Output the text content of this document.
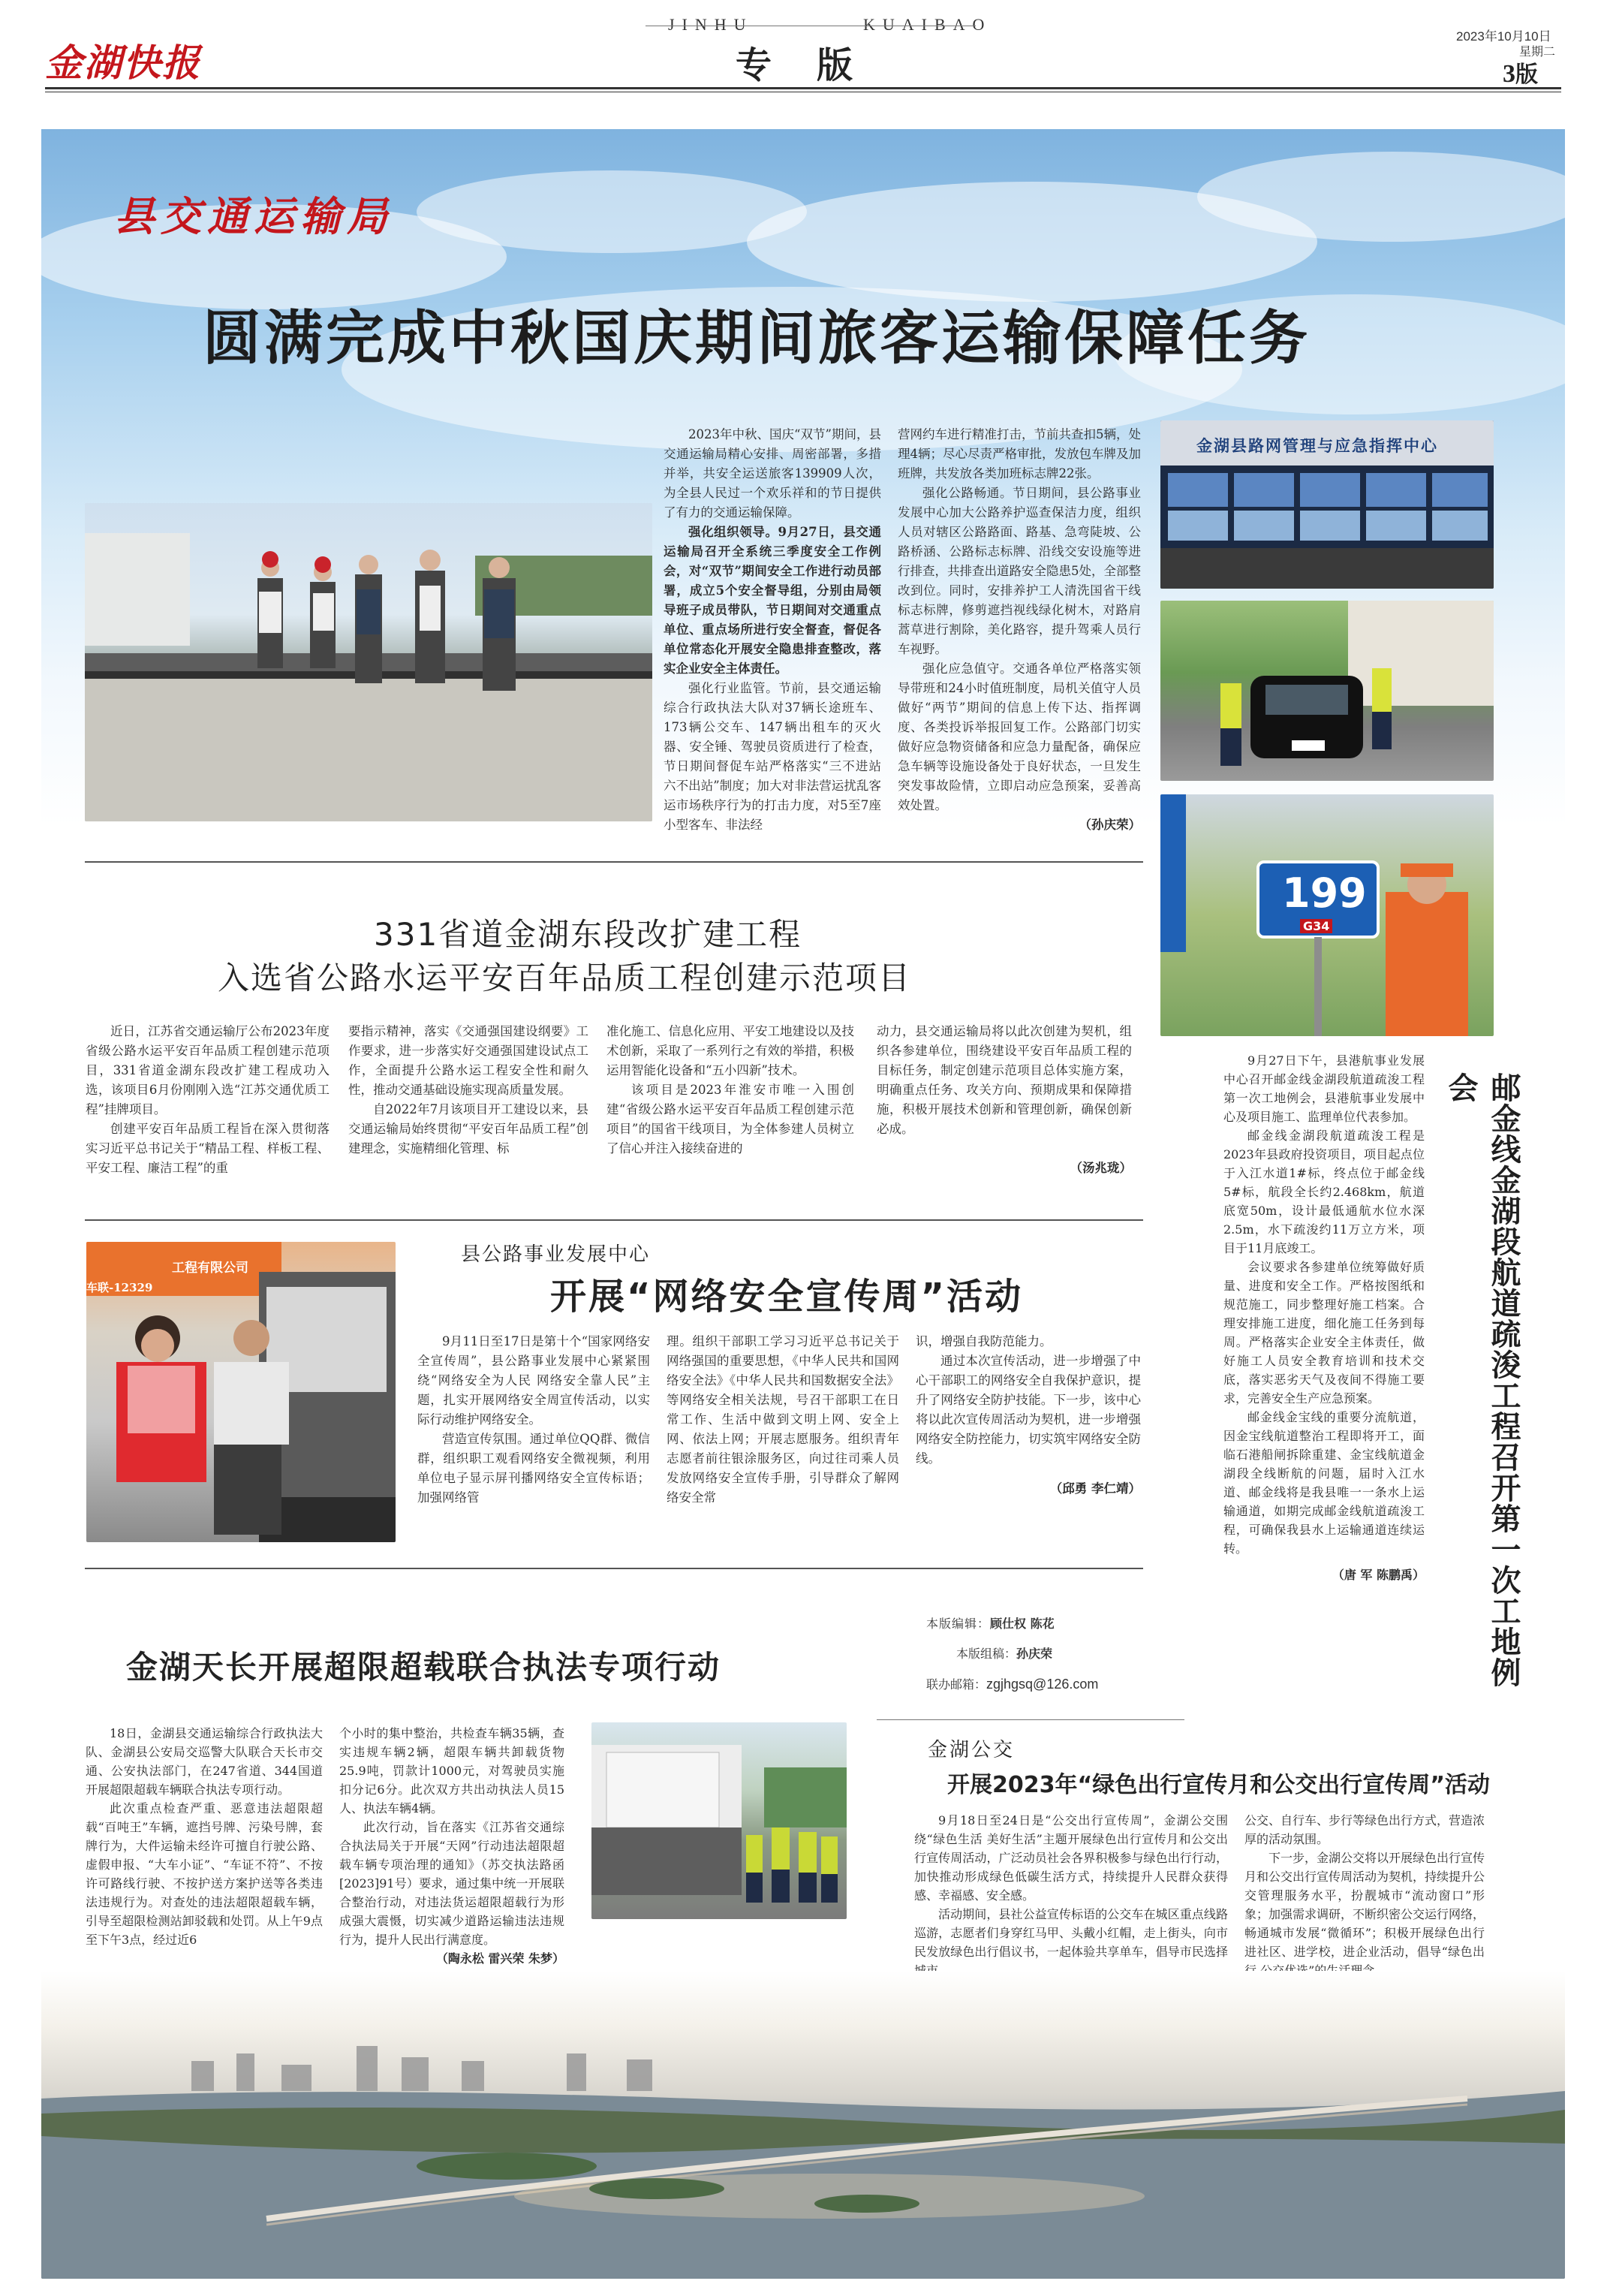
金湖快报
JINHU	KUAIBAO
专　版
2023年10月10日
星期二
3版
县交通运输局
圆满完成中秋国庆期间旅客运输保障任务

2023年中秋、国庆“双节”期间，县交通运输局精心安排、周密部署，多措并举，共安全运送旅客139909人次，为全县人民过一个欢乐祥和的节日提供了有力的交通运输保障。

强化组织领导。9月27日，县交通运输局召开全系统三季度安全工作例会，对“双节”期间安全工作进行动员部署，成立5个安全督导组，分别由局领导班子成员带队，节日期间对交通重点单位、重点场所进行安全督查，督促各单位常态化开展安全隐患排查整改，落实企业安全主体责任。

强化行业监管。节前，县交通运输综合行政执法大队对37辆长途班车、173辆公交车、147辆出租车的灭火器、安全锤、驾驶员资质进行了检查，节日期间督促车站严格落实“三不进站 六不出站”制度；加大对非法营运扰乱客运市场秩序行为的打击力度，对5至7座小型客车、非法经

营网约车进行精准打击，节前共查扣5辆，处理4辆；尽心尽责严格审批，发放包车牌及加班牌，共发放各类加班标志牌22张。

强化公路畅通。节日期间，县公路事业发展中心加大公路养护巡查保洁力度，组织人员对辖区公路路面、路基、急弯陡坡、公路桥涵、公路标志标牌、沿线交安设施等进行排查，共排查出道路安全隐患5处，全部整改到位。同时，安排养护工人清洗国省干线标志标牌，修剪遮挡视线绿化树木，对路肩蒿草进行割除，美化路容，提升驾乘人员行车视野。

强化应急值守。交通各单位严格落实领导带班和24小时值班制度，局机关值守人员做好“两节”期间的信息上传下达、指挥调度、各类投诉举报回复工作。公路部门切实做好应急物资储备和应急力量配备，确保应急车辆等设施设备处于良好状态，一旦发生突发事故险情，立即启动应急预案，妥善高效处置。

（孙庆荣）
金湖县路网管理与应急指挥中心
199
G34
331省道金湖东段改扩建工程
入选省公路水运平安百年品质工程创建示范项目

近日，江苏省交通运输厅公布2023年度省级公路水运平安百年品质工程创建示范项目，331省道金湖东段改扩建工程成功入选，该项目6月份刚刚入选“江苏交通优质工程”挂牌项目。

创建平安百年品质工程旨在深入贯彻落实习近平总书记关于“精品工程、样板工程、平安工程、廉洁工程”的重

要指示精神，落实《交通强国建设纲要》工作要求，进一步落实好交通强国建设试点工作，全面提升公路水运工程安全性和耐久性，推动交通基础设施实现高质量发展。

自2022年7月该项目开工建设以来，县交通运输局始终贯彻“平安百年品质工程”创建理念，实施精细化管理、标

准化施工、信息化应用、平安工地建设以及技术创新，采取了一系列行之有效的举措，积极运用智能化设备和“五小四新”技术。

该项目是2023年淮安市唯一入围创建“省级公路水运平安百年品质工程创建示范项目”的国省干线项目，为全体参建人员树立了信心并注入接续奋进的

动力，县交通运输局将以此次创建为契机，组织各参建单位，围绕建设平安百年品质工程的目标任务，制定创建示范项目总体实施方案，明确重点任务、攻关方向、预期成果和保障措施，积极开展技术创新和管理创新，确保创新必成。

（汤兆珑）
工程有限公司
车联-12329
县公路事业发展中心
开展“网络安全宣传周”活动

9月11日至17日是第十个“国家网络安全宣传周”，县公路事业发展中心紧紧围绕“网络安全为人民 网络安全靠人民”主题，扎实开展网络安全周宣传活动，以实际行动维护网络安全。

营造宣传氛围。通过单位QQ群、微信群，组织职工观看网络安全微视频，利用单位电子显示屏刊播网络安全宣传标语；加强网络管

理。组织干部职工学习习近平总书记关于网络强国的重要思想，《中华人民共和国网络安全法》《中华人民共和国数据安全法》等网络安全相关法规，号召干部职工在日常工作、生活中做到文明上网、安全上网、依法上网；开展志愿服务。组织青年志愿者前往银涂服务区，向过往司乘人员发放网络安全宣传手册，引导群众了解网络安全常

识，增强自我防范能力。

通过本次宣传活动，进一步增强了中心干部职工的网络安全自我保护意识，提升了网络安全防护技能。下一步，该中心将以此次宣传周活动为契机，进一步增强网络安全防控能力，切实筑牢网络安全防线。

（邱勇 李仁靖）	邮金线金湖段航道疏浚工程召开第一次工地例会

9月27日下午，县港航事业发展中心召开邮金线金湖段航道疏浚工程第一次工地例会，县港航事业发展中心及项目施工、监理单位代表参加。

邮金线金湖段航道疏浚工程是2023年县政府投资项目，项目起点位于入江水道1#标，终点位于邮金线5#标，航段全长约2.468km，航道底宽50m，设计最低通航水位水深2.5m，水下疏浚约11万立方米，项目于11月底竣工。

会议要求各参建单位统筹做好质量、进度和安全工作。严格按图纸和规范施工，同步整理好施工档案。合理安排施工进度，细化施工任务到每周。严格落实企业安全主体责任，做好施工人员安全教育培训和技术交底，落实恶劣天气及夜间不得施工要求，完善安全生产应急预案。

邮金线金宝线的重要分流航道，因金宝线航道整治工程即将开工，面临石港船闸拆除重建、金宝线航道金湖段全线断航的问题，届时入江水道、邮金线将是我县唯一一条水上运输通道，如期完成邮金线航道疏浚工程，可确保我县水上运输通道连续运转。

（唐 军 陈鹏禹）
本版编辑：顾仕权 陈花
本版组稿：孙庆荣
联办邮箱：zgjhgsq@126.com
金湖天长开展超限超载联合执法专项行动

18日，金湖县交通运输综合行政执法大队、金湖县公安局交巡警大队联合天长市交通、公安执法部门，在247省道、344国道开展超限超载车辆联合执法专项行动。

此次重点检查严重、恶意违法超限超载“百吨王”车辆，遮挡号牌、污染号牌，套牌行为，大件运输未经许可擅自行驶公路、虚假申报、“大车小证”、“车证不符”、不按许可路线行驶、不按护送方案护送等各类违法违规行为。对查处的违法超限超载车辆，引导至超限检测站卸驳载和处罚。从上午9点至下午3点，经过近6

个小时的集中整治，共检查车辆35辆，查实违规车辆2辆，超限车辆共卸载货物25.9吨，罚款计1000元，对驾驶员实施扣分记6分。此次双方共出动执法人员15人、执法车辆4辆。

此次行动，旨在落实《江苏省交通综合执法局关于开展“天网”行动违法超限超载车辆专项治理的通知》（苏交执法路函[2023]91号）要求，通过集中统一开展联合整治行动，对违法货运超限超载行为形成强大震慑，切实减少道路运输违法违规行为，提升人民出行满意度。

（陶永松 雷兴荣 朱梦）
金湖公交
开展2023年“绿色出行宣传月和公交出行宣传周”活动

9月18日至24日是“公交出行宣传周”，金湖公交围绕“绿色生活 美好生活”主题开展绿色出行宣传月和公交出行宣传周活动，广泛动员社会各界积极参与绿色出行行动，加快推动形成绿色低碳生活方式，持续提升人民群众获得感、幸福感、安全感。

活动期间，县社公益宣传标语的公交车在城区重点线路巡游，志愿者们身穿红马甲、头戴小红帽，走上街头，向市民发放绿色出行倡议书，一起体验共享单车，倡导市民选择

公交、自行车、步行等绿色出行方式，营造浓厚的活动氛围。

下一步，金湖公交将以开展绿色出行宣传月和公交出行宣传周活动为契机，持续提升公交管理服务水平，扮靓城市“流动窗口”形象；加强需求调研，不断织密公交运行网络，畅通城市发展“微循环”；积极开展绿色出行进社区、进学校，进企业活动，倡导“绿色出
